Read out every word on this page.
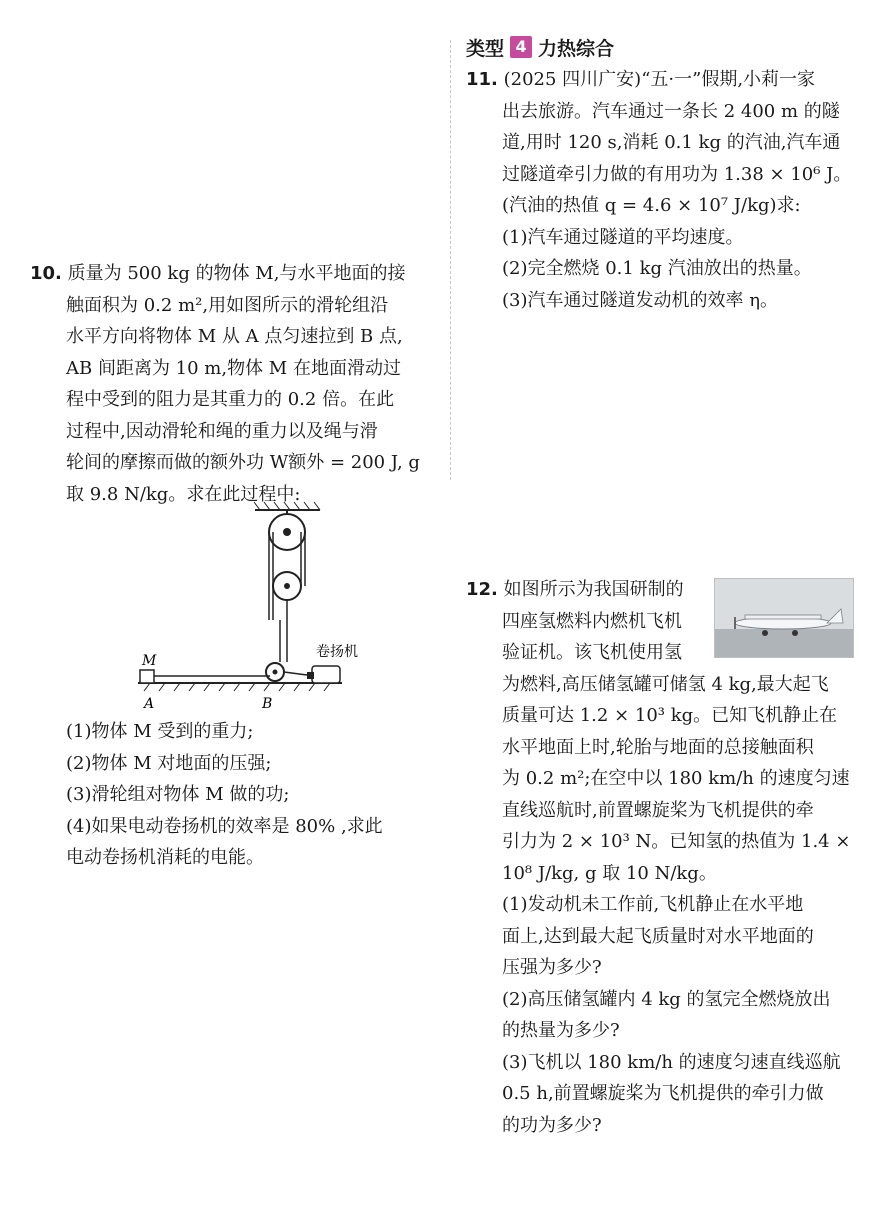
10. 质量为 500 kg 的物体 M,与水平地面的接
触面积为 0.2 m²,用如图所示的滑轮组沿
水平方向将物体 M 从 A 点匀速拉到 B 点,
AB 间距离为 10 m,物体 M 在地面滑动过
程中受到的阻力是其重力的 0.2 倍。在此
过程中,因动滑轮和绳的重力以及绳与滑
轮间的摩擦而做的额外功 W额外 = 200 J, g
取 9.8 N/kg。求在此过程中:
M
A	B
卷扬机
(1)物体 M 受到的重力;
(2)物体 M 对地面的压强;
(3)滑轮组对物体 M 做的功;
(4)如果电动卷扬机的效率是 80% ,求此
电动卷扬机消耗的电能。
类型 4 力热综合
11. (2025 四川广安)“五·一”假期,小莉一家
出去旅游。汽车通过一条长 2 400 m 的隧
道,用时 120 s,消耗 0.1 kg 的汽油,汽车通
过隧道牵引力做的有用功为 1.38 × 10⁶ J。
(汽油的热值 q = 4.6 × 10⁷ J/kg)求:
(1)汽车通过隧道的平均速度。
(2)完全燃烧 0.1 kg 汽油放出的热量。
(3)汽车通过隧道发动机的效率 η。
12. 如图所示为我国研制的
四座氢燃料内燃机飞机
验证机。该飞机使用氢
为燃料,高压储氢罐可储氢 4 kg,最大起飞
质量可达 1.2 × 10³ kg。已知飞机静止在
水平地面上时,轮胎与地面的总接触面积
为 0.2 m²;在空中以 180 km/h 的速度匀速
直线巡航时,前置螺旋桨为飞机提供的牵
引力为 2 × 10³ N。已知氢的热值为 1.4 ×
10⁸ J/kg, g 取 10 N/kg。
(1)发动机未工作前,飞机静止在水平地
面上,达到最大起飞质量时对水平地面的
压强为多少?
(2)高压储氢罐内 4 kg 的氢完全燃烧放出
的热量为多少?
(3)飞机以 180 km/h 的速度匀速直线巡航
0.5 h,前置螺旋桨为飞机提供的牵引力做
的功为多少?
